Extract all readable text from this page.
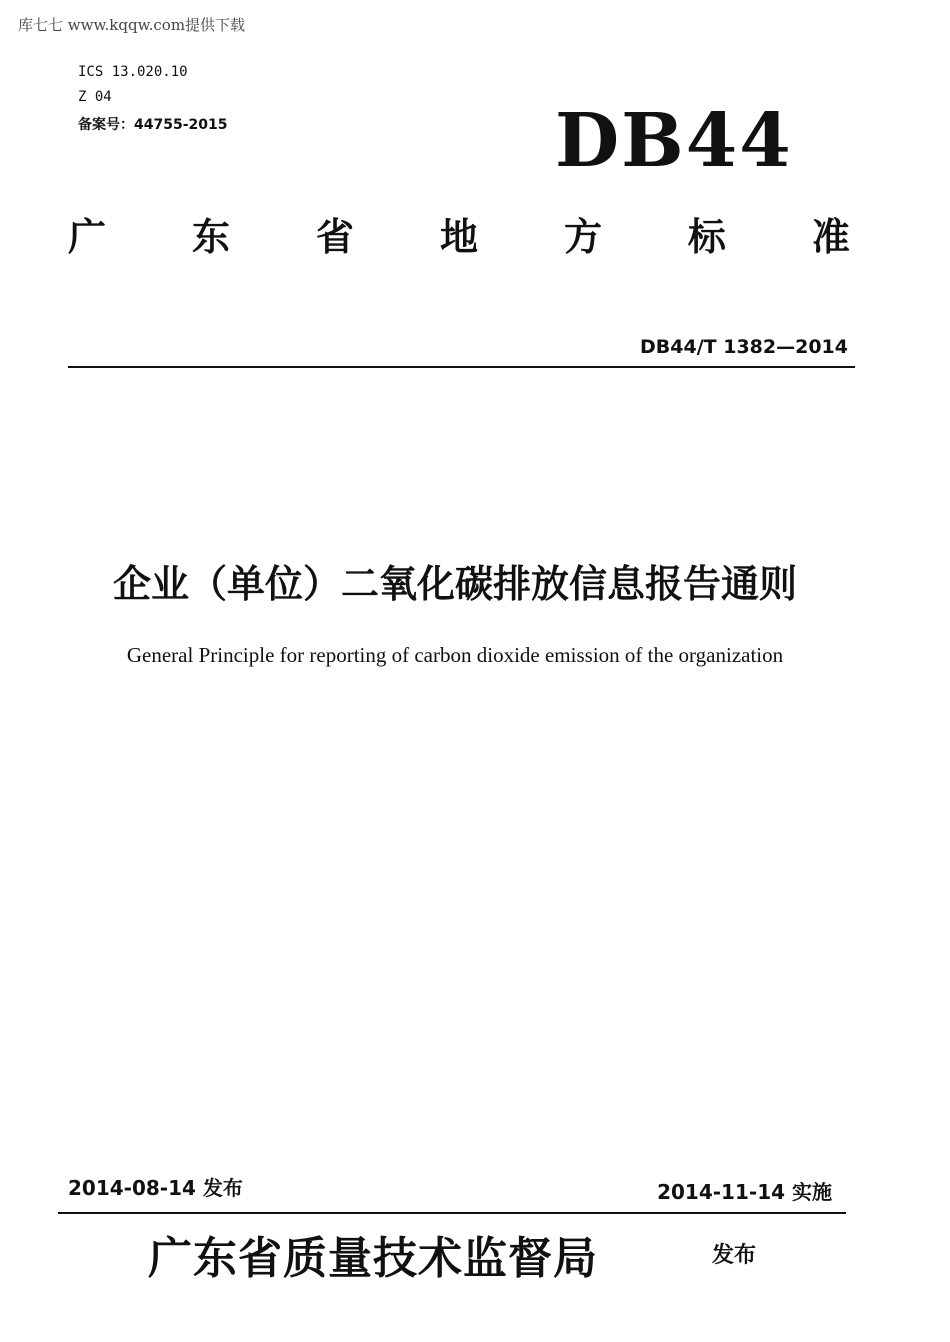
库七七 www.kqqw.com提供下载
ICS 13.020.10
Z 04
备案号：44755-2015	DB44
广 东 省 地 方 标 准
DB44/T 1382—2014
企业（单位）二氧化碳排放信息报告通则
General Principle for reporting of carbon dioxide emission of the organization
2014-08-14 发布	2014-11-14 实施
广东省质量技术监督局	发布
